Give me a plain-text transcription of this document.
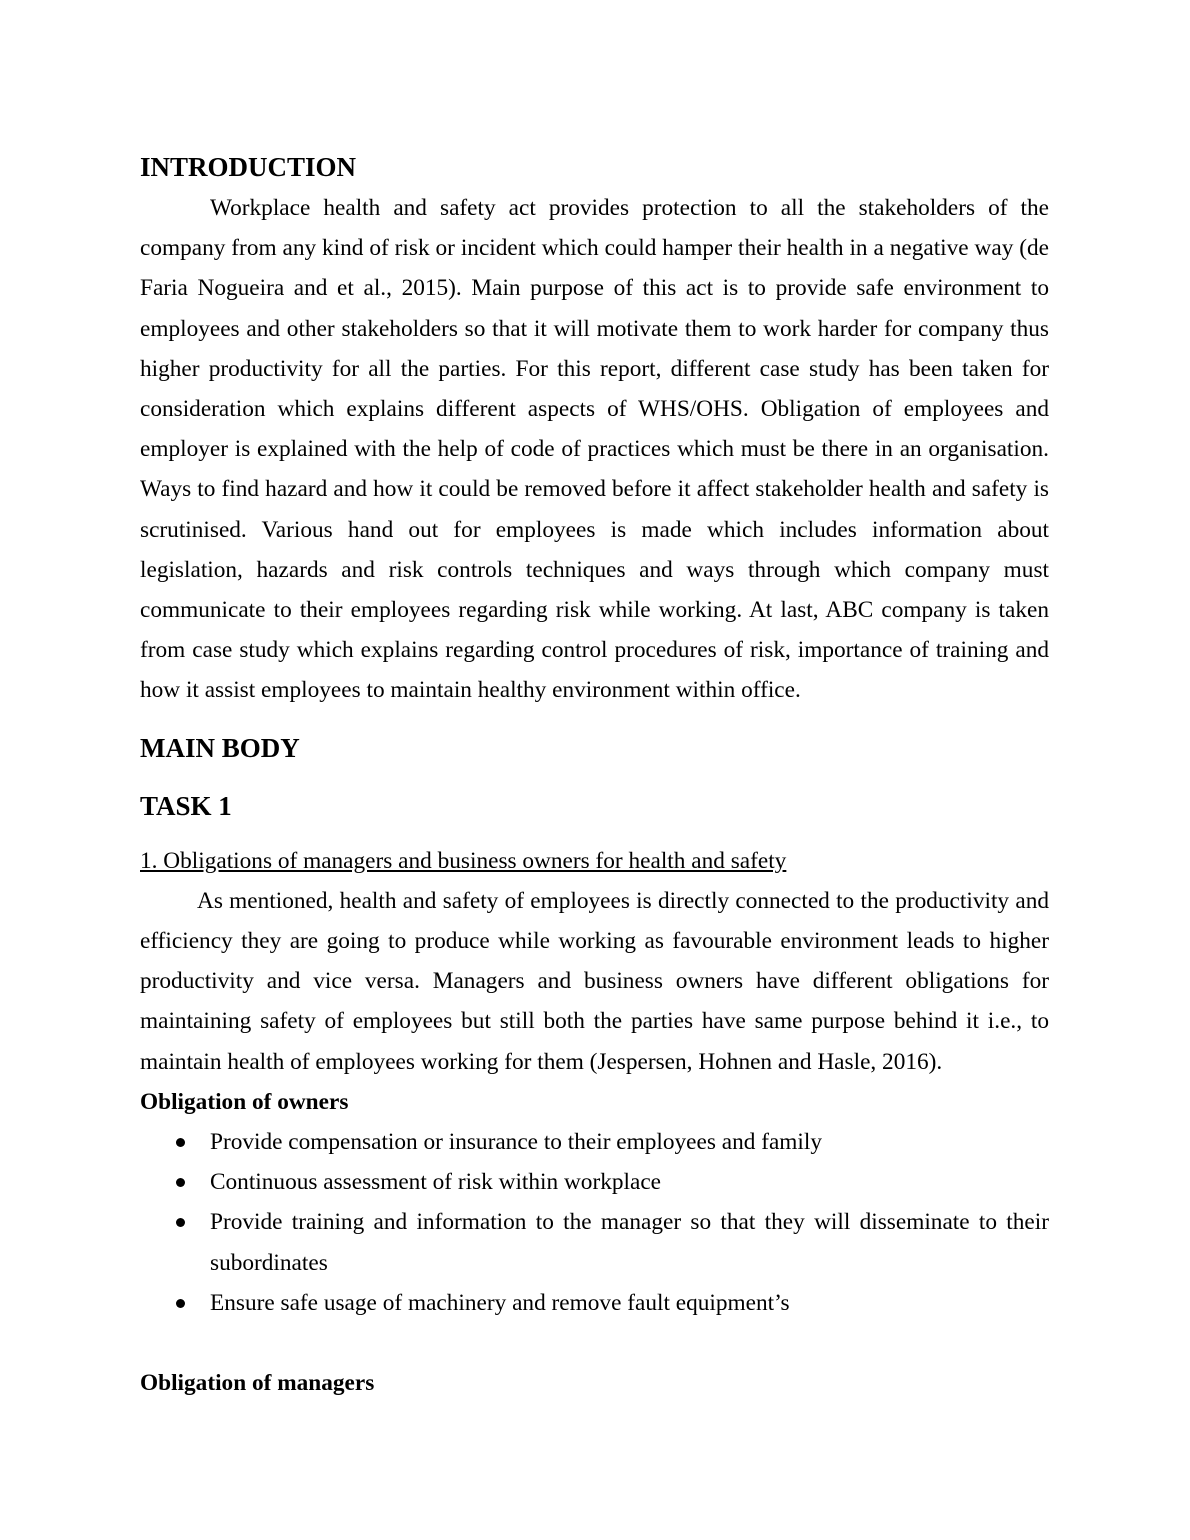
INTRODUCTION

Workplace health and safety act provides protection to all the stakeholders of the company from any kind of risk or incident which could hamper their health in a negative way (de Faria Nogueira and et al., 2015). Main purpose of this act is to provide safe environment to employees and other stakeholders so that it will motivate them to work harder for company thus higher productivity for all the parties. For this report, different case study has been taken for consideration which explains different aspects of WHS/OHS. Obligation of employees and employer is explained with the help of code of practices which must be there in an organisation. Ways to find hazard and how it could be removed before it affect stakeholder health and safety is scrutinised. Various hand out for employees is made which includes information about legislation, hazards and risk controls techniques and ways through which company must communicate to their employees regarding risk while working. At last, ABC company is taken from case study which explains regarding control procedures of risk, importance of training and how it assist employees to maintain healthy environment within office.

MAIN BODY
TASK 1
1. Obligations of managers and business owners for health and safety

As mentioned, health and safety of employees is directly connected to the productivity and efficiency they are going to produce while working as favourable environment leads to higher productivity and vice versa. Managers and business owners have different obligations for maintaining safety of employees but still both the parties have same purpose behind it i.e., to maintain health of employees working for them (Jespersen, Hohnen and Hasle, 2016).

Obligation of owners
Provide compensation or insurance to their employees and family
Continuous assessment of risk within workplace
Provide training and information to the manager so that they will disseminate to their subordinates
Ensure safe usage of machinery and remove fault equipment’s
Obligation of managers
